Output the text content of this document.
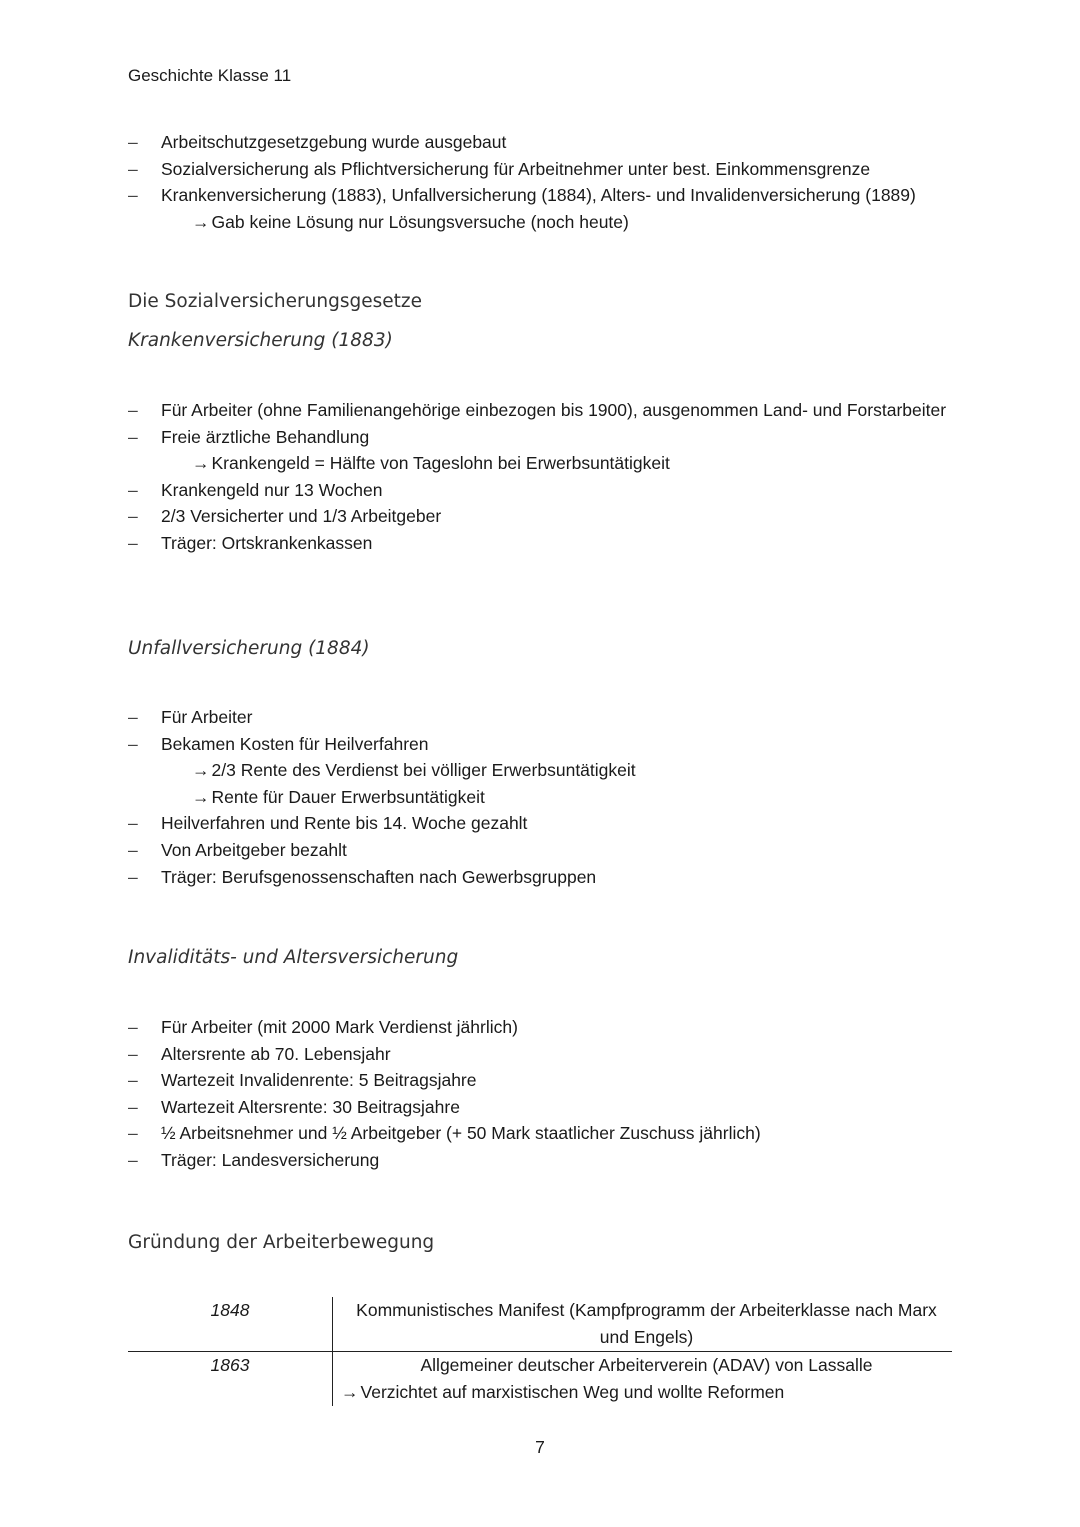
Geschichte Klasse 11
– Arbeitschutzgesetzgebung wurde ausgebaut
– Sozialversicherung als Pflichtversicherung für Arbeitnehmer unter best. Einkommensgrenze
– Krankenversicherung (1883), Unfallversicherung (1884), Alters- und Invalidenversicherung (1889)
→ Gab keine Lösung nur Lösungsversuche (noch heute)
Die Sozialversicherungsgesetze
Krankenversicherung (1883)
– Für Arbeiter (ohne Familienangehörige einbezogen bis 1900), ausgenommen Land- und Forstarbeiter
– Freie ärztliche Behandlung
→ Krankengeld = Hälfte von Tageslohn bei Erwerbsuntätigkeit
– Krankengeld nur 13 Wochen
– 2/3 Versicherter und 1/3 Arbeitgeber
– Träger: Ortskrankenkassen
Unfallversicherung (1884)
– Für Arbeiter
– Bekamen Kosten für Heilverfahren
→ 2/3 Rente des Verdienst bei völliger Erwerbsuntätigkeit
→ Rente für Dauer Erwerbsuntätigkeit
– Heilverfahren und Rente bis 14. Woche gezahlt
– Von Arbeitgeber bezahlt
– Träger: Berufsgenossenschaften nach Gewerbsgruppen
Invaliditäts- und Altersversicherung
– Für Arbeiter (mit 2000 Mark Verdienst jährlich)
– Altersrente ab 70. Lebensjahr
– Wartezeit Invalidenrente: 5 Beitragsjahre
– Wartezeit Altersrente: 30 Beitragsjahre
– ½ Arbeitsnehmer und ½ Arbeitgeber (+ 50 Mark staatlicher Zuschuss jährlich)
– Träger: Landesversicherung
Gründung der Arbeiterbewegung
1848	Kommunistisches Manifest (Kampfprogramm der Arbeiterklasse nach Marx und Engels)
1863	Allgemeiner deutscher Arbeiterverein (ADAV) von Lassalle
→ Verzichtet auf marxistischen Weg und wollte Reformen
7
